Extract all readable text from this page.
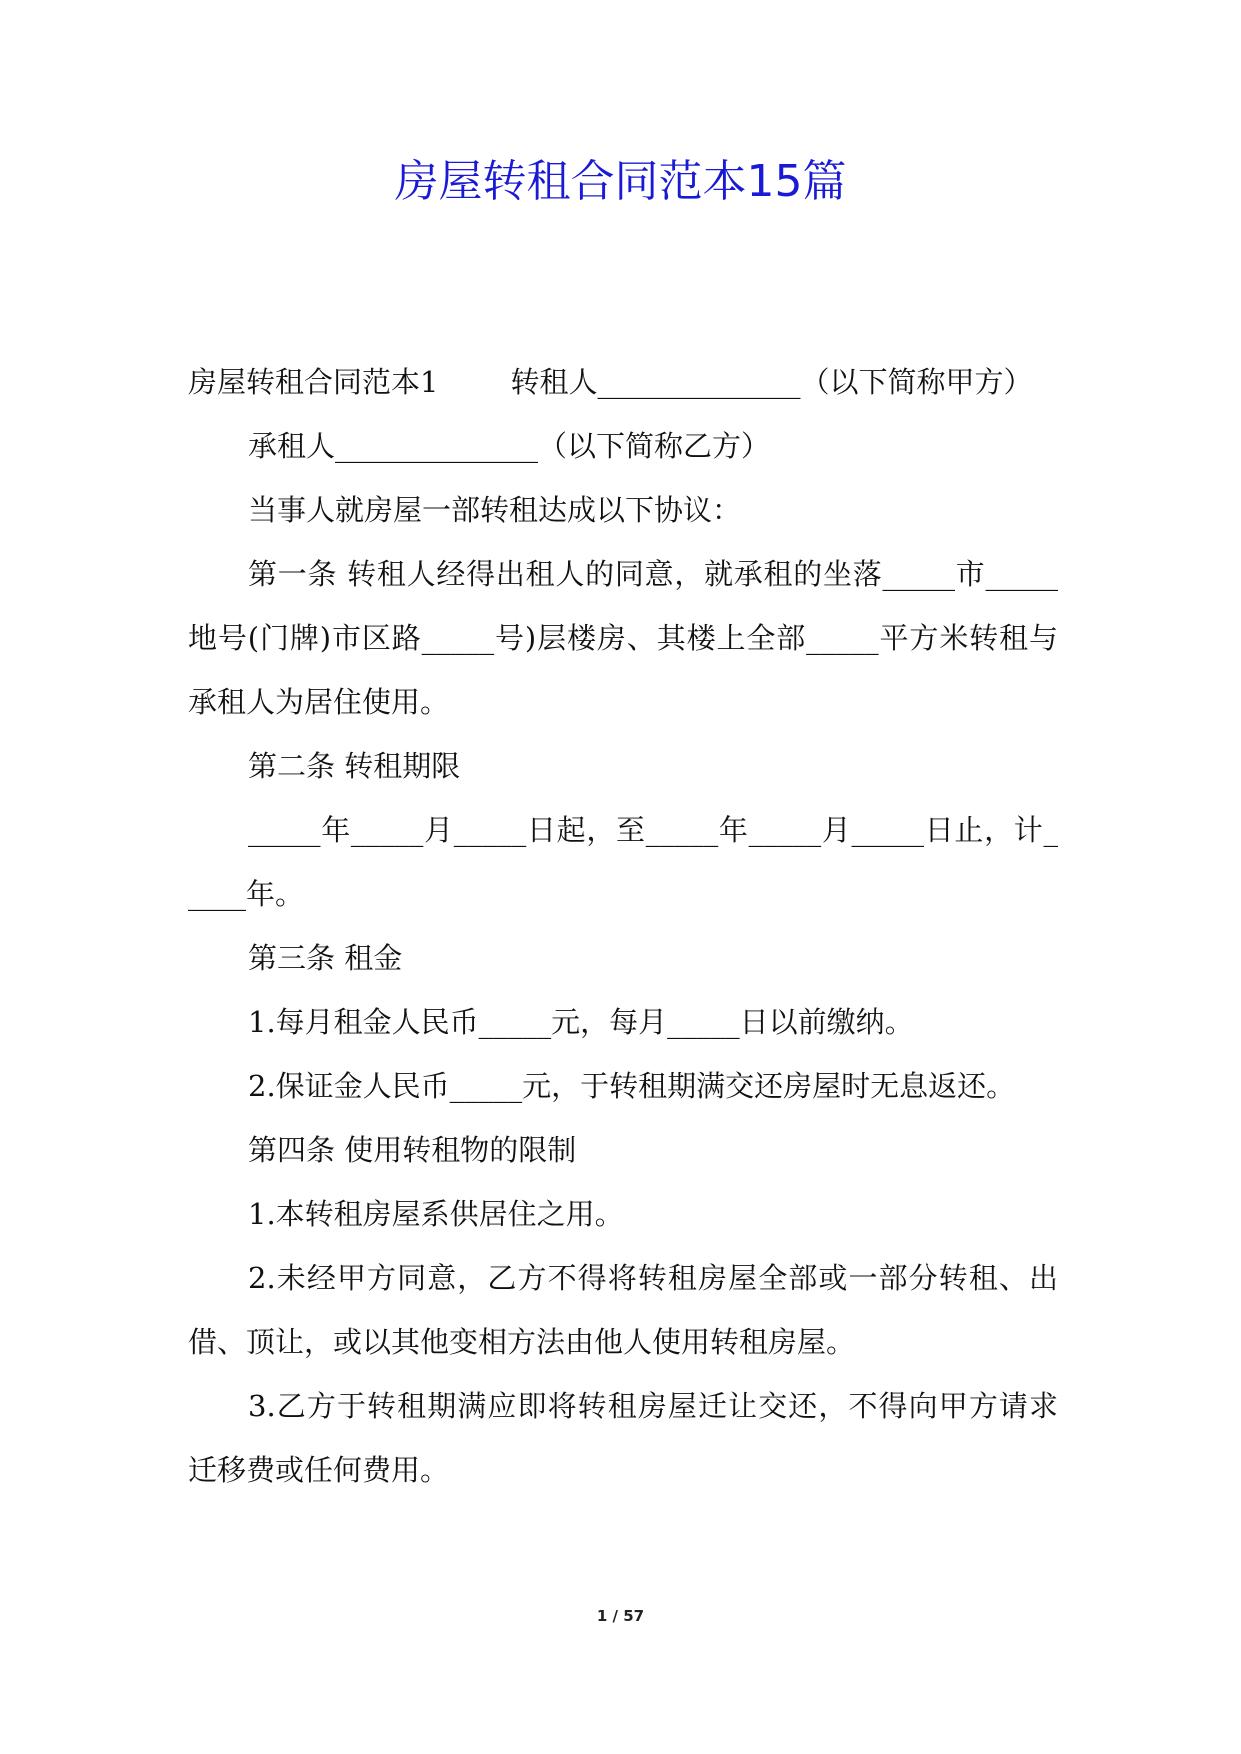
房屋转租合同范本15篇

房屋转租合同范本1 转租人______________（以下简称甲方）

承租人______________（以下简称乙方）

当事人就房屋一部转租达成以下协议：

第一条 转租人经得出租人的同意，就承租的坐落_____市_____地号(门牌)市区路_____号)层楼房、其楼上全部_____平方米转租与承租人为居住使用。

第二条 转租期限

_____年_____月_____日起，至_____年_____月_____日止，计_____年。

第三条 租金

1.每月租金人民币_____元，每月_____日以前缴纳。

2.保证金人民币_____元，于转租期满交还房屋时无息返还。

第四条 使用转租物的限制

1.本转租房屋系供居住之用。

2.未经甲方同意，乙方不得将转租房屋全部或一部分转租、出借、顶让，或以其他变相方法由他人使用转租房屋。

3.乙方于转租期满应即将转租房屋迁让交还，不得向甲方请求迁移费或任何费用。

1 / 57
